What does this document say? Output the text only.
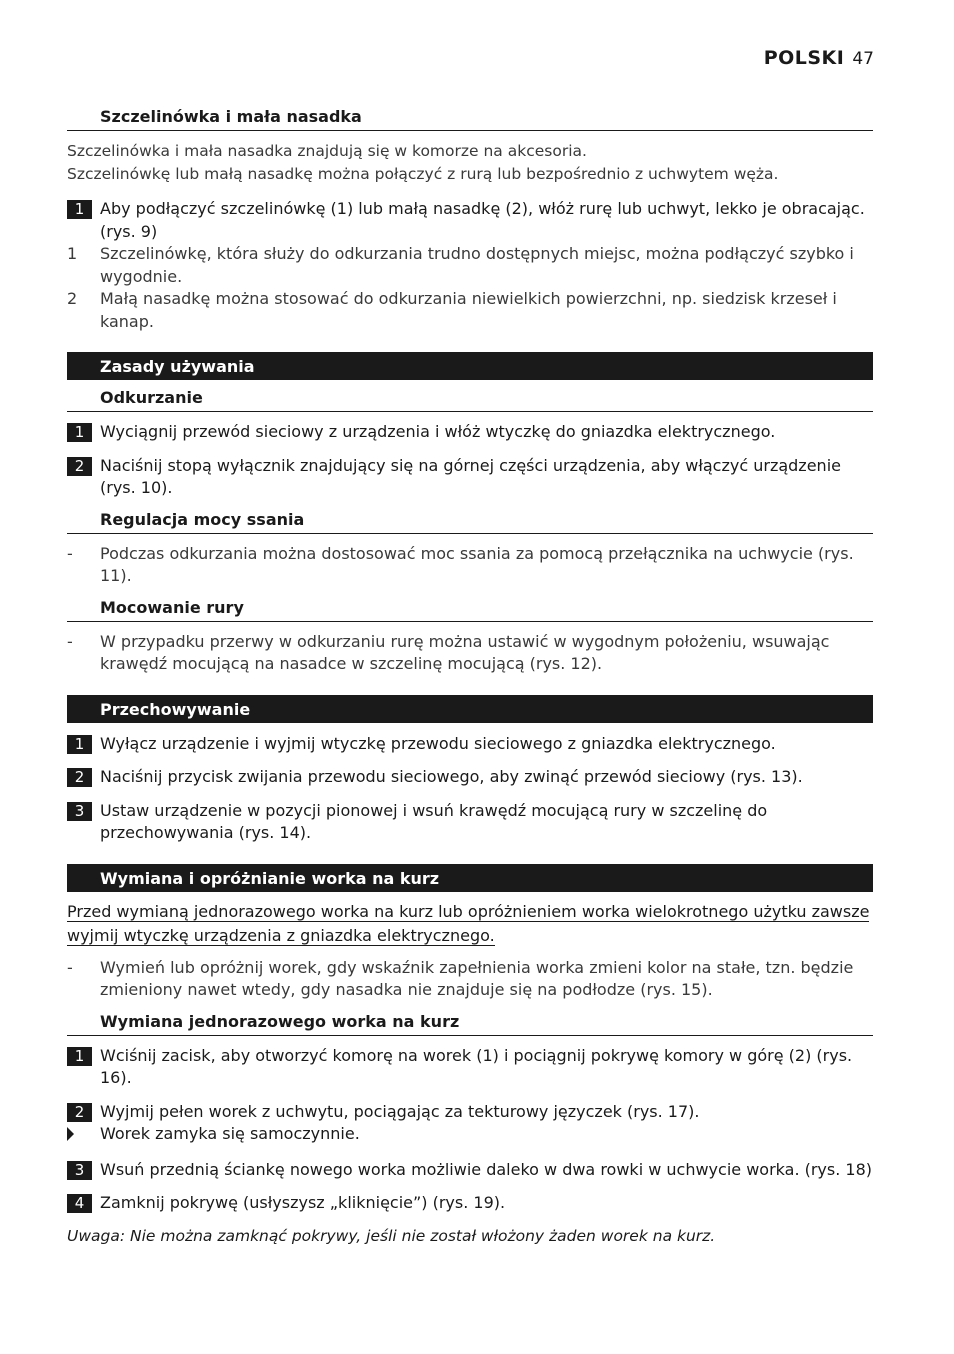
POLSKI 47
Szczelinówka i mała nasadka
Szczelinówka i mała nasadka znajdują się w komorze na akcesoria.
Szczelinówkę lub małą nasadkę można połączyć z rurą lub bezpośrednio z uchwytem węża.
1 Aby podłączyć szczelinówkę (1) lub małą nasadkę (2), włóż rurę lub uchwyt, lekko je obracając. (rys. 9)
1	Szczelinówkę, która służy do odkurzania trudno dostępnych miejsc, można podłączyć szybko i wygodnie.
2	Małą nasadkę można stosować do odkurzania niewielkich powierzchni, np. siedzisk krzeseł i kanap.
Zasady używania
Odkurzanie
1 Wyciągnij przewód sieciowy z urządzenia i włóż wtyczkę do gniazdka elektrycznego.
2 Naciśnij stopą wyłącznik znajdujący się na górnej części urządzenia, aby włączyć urządzenie (rys. 10).
Regulacja mocy ssania
-	Podczas odkurzania można dostosować moc ssania za pomocą przełącznika na uchwycie (rys. 11).
Mocowanie rury
-	W przypadku przerwy w odkurzaniu rurę można ustawić w wygodnym położeniu, wsuwając krawędź mocującą na nasadce w szczelinę mocującą (rys. 12).
Przechowywanie
1 Wyłącz urządzenie i wyjmij wtyczkę przewodu sieciowego z gniazdka elektrycznego.
2 Naciśnij przycisk zwijania przewodu sieciowego, aby zwinąć przewód sieciowy (rys. 13).
3 Ustaw urządzenie w pozycji pionowej i wsuń krawędź mocującą rury w szczelinę do przechowywania (rys. 14).
Wymiana i opróżnianie worka na kurz
Przed wymianą jednorazowego worka na kurz lub opróżnieniem worka wielokrotnego użytku zawsze wyjmij wtyczkę urządzenia z gniazdka elektrycznego.
-	Wymień lub opróżnij worek, gdy wskaźnik zapełnienia worka zmieni kolor na stałe, tzn. będzie zmieniony nawet wtedy, gdy nasadka nie znajduje się na podłodze (rys. 15).
Wymiana jednorazowego worka na kurz
1 Wciśnij zacisk, aby otworzyć komorę na worek (1) i pociągnij pokrywę komory w górę (2) (rys. 16).
2 Wyjmij pełen worek z uchwytu, pociągając za tekturowy języczek (rys. 17).
Worek zamyka się samoczynnie.
3 Wsuń przednią ściankę nowego worka możliwie daleko w dwa rowki w uchwycie worka. (rys. 18)
4 Zamknij pokrywę (usłyszysz „kliknięcie”) (rys. 19).
Uwaga: Nie można zamknąć pokrywy, jeśli nie został włożony żaden worek na kurz.
